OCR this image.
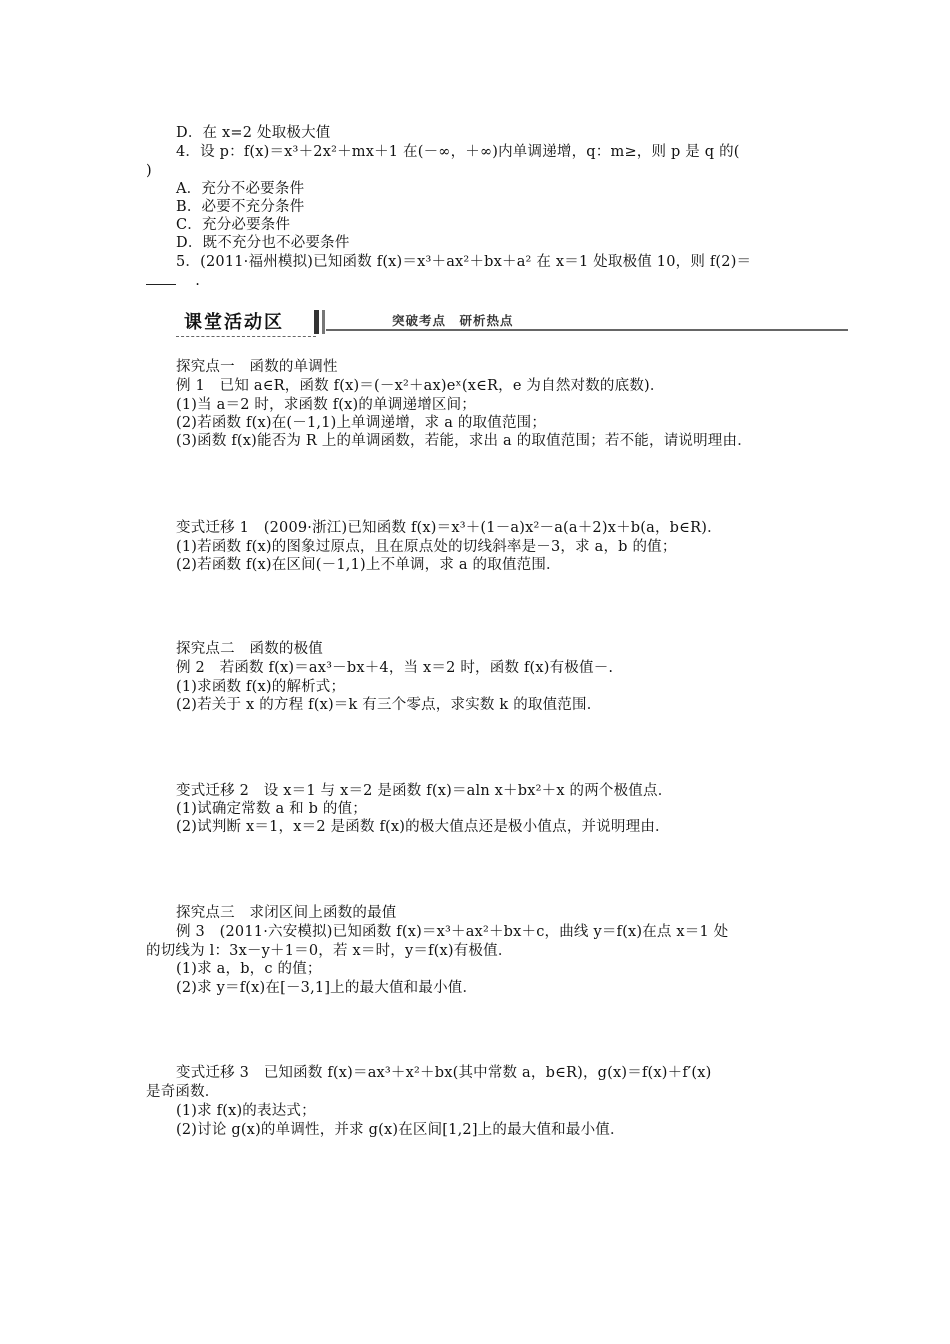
D．在 x=2 处取极大值
4．设 p：f(x)＝x³＋2x²＋mx＋1 在(－∞，＋∞)内单调递增，q：m≥，则 p 是 q 的(
)
A．充分不必要条件
B．必要不充分条件
C．充分必要条件
D．既不充分也不必要条件
5．(2011·福州模拟)已知函数 f(x)＝x³＋ax²＋bx＋a² 在 x＝1 处取极值 10，则 f(2)＝
.
课堂活动区	突破考点　研析热点
探究点一　函数的单调性
例 1　已知 a∈R，函数 f(x)＝(－x²＋ax)eˣ(x∈R，e 为自然对数的底数)．
(1)当 a＝2 时，求函数 f(x)的单调递增区间；
(2)若函数 f(x)在(－1,1)上单调递增，求 a 的取值范围；
(3)函数 f(x)能否为 R 上的单调函数，若能，求出 a 的取值范围；若不能，请说明理由．
变式迁移 1　(2009·浙江)已知函数 f(x)＝x³＋(1－a)x²－a(a＋2)x＋b(a，b∈R)．
(1)若函数 f(x)的图象过原点，且在原点处的切线斜率是－3，求 a，b 的值；
(2)若函数 f(x)在区间(－1,1)上不单调，求 a 的取值范围．
探究点二　函数的极值
例 2　若函数 f(x)＝ax³－bx＋4，当 x＝2 时，函数 f(x)有极值－.
(1)求函数 f(x)的解析式；
(2)若关于 x 的方程 f(x)＝k 有三个零点，求实数 k 的取值范围．
变式迁移 2　设 x＝1 与 x＝2 是函数 f(x)＝aln x＋bx²＋x 的两个极值点．
(1)试确定常数 a 和 b 的值；
(2)试判断 x＝1，x＝2 是函数 f(x)的极大值点还是极小值点，并说明理由．
探究点三　求闭区间上函数的最值
例 3　(2011·六安模拟)已知函数 f(x)＝x³＋ax²＋bx＋c，曲线 y＝f(x)在点 x＝1 处
的切线为 l：3x－y＋1＝0，若 x＝时，y＝f(x)有极值．
(1)求 a，b，c 的值；
(2)求 y＝f(x)在[－3,1]上的最大值和最小值．
变式迁移 3　已知函数 f(x)＝ax³＋x²＋bx(其中常数 a，b∈R)，g(x)＝f(x)＋f′(x)
是奇函数．
(1)求 f(x)的表达式；
(2)讨论 g(x)的单调性，并求 g(x)在区间[1,2]上的最大值和最小值．
